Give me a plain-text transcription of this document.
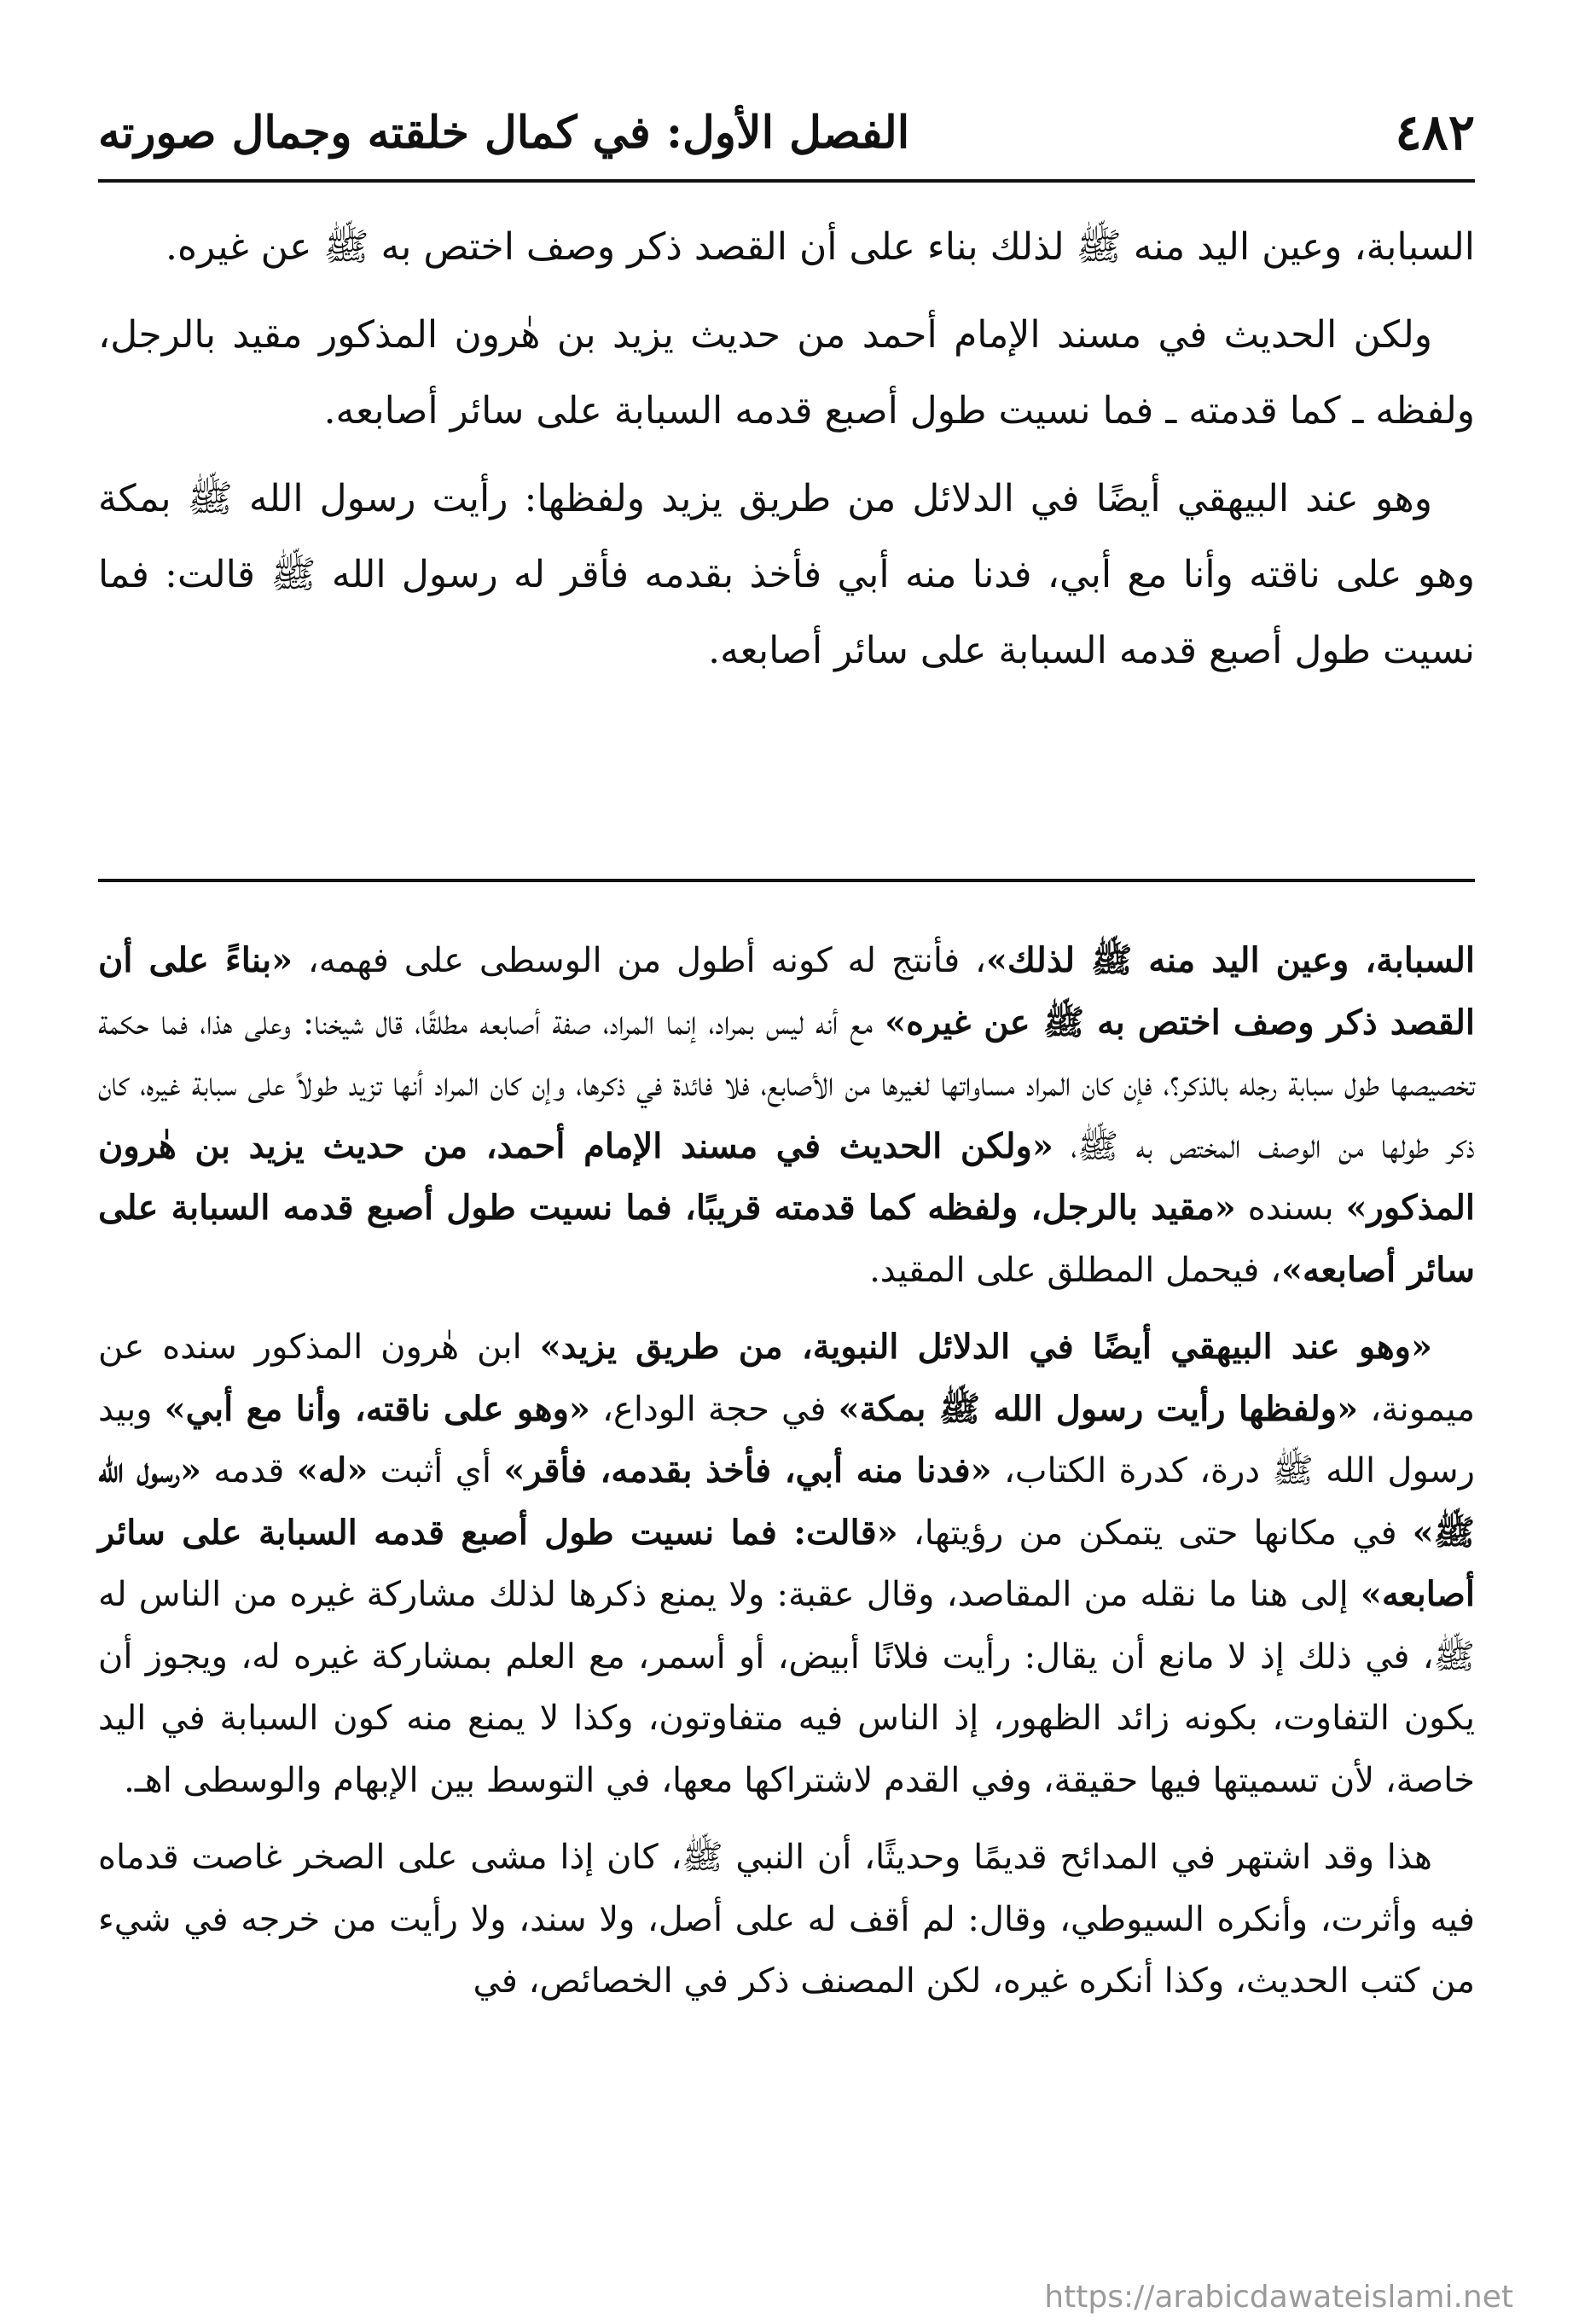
٤٨٢
الفصل الأول: في كمال خلقته وجمال صورته

السبابة، وعين اليد منه ﷺ لذلك بناء على أن القصد ذكر وصف اختص به ﷺ عن غيره.

ولكن الحديث في مسند الإمام أحمد من حديث يزيد بن هٰرون المذكور مقيد بالرجل، ولفظه ـ كما قدمته ـ فما نسيت طول أصبع قدمه السبابة على سائر أصابعه.

وهو عند البيهقي أيضًا في الدلائل من طريق يزيد ولفظها: رأيت رسول الله ﷺ بمكة وهو على ناقته وأنا مع أبي، فدنا منه أبي فأخذ بقدمه فأقر له رسول الله ﷺ قالت: فما نسيت طول أصبع قدمه السبابة على سائر أصابعه.

السبابة، وعين اليد منه ﷺ لذلك»، فأنتج له كونه أطول من الوسطى على فهمه، «بناءً على أن القصد ذكر وصف اختص به ﷺ عن غيره» مع أنه ليس بمراد، إنما المراد، صفة أصابعه مطلقًا، قال شيخنا: وعلى هذا، فما حكمة تخصيصها طول سبابة رجله بالذكر؟، فإن كان المراد مساواتها لغيرها من الأصابع، فلا فائدة في ذكرها، وإن كان المراد أنها تزيد طولاً على سبابة غيره، كان ذكر طولها من الوصف المختص به ﷺ، «ولكن الحديث في مسند الإمام أحمد، من حديث يزيد بن هٰرون المذكور» بسنده «مقيد بالرجل، ولفظه كما قدمته قريبًا، فما نسيت طول أصبع قدمه السبابة على سائر أصابعه»، فيحمل المطلق على المقيد.

«وهو عند البيهقي أيضًا في الدلائل النبوية، من طريق يزيد» ابن هٰرون المذكور سنده عن ميمونة، «ولفظها رأيت رسول الله ﷺ بمكة» في حجة الوداع، «وهو على ناقته، وأنا مع أبي» وبيد رسول الله ﷺ درة، كدرة الكتاب، «فدنا منه أبي، فأخذ بقدمه، فأقر» أي أثبت «له» قدمه «رسول الله ﷺ» في مكانها حتى يتمكن من رؤيتها، «قالت: فما نسيت طول أصبع قدمه السبابة على سائر أصابعه» إلى هنا ما نقله من المقاصد، وقال عقبة: ولا يمنع ذكرها لذلك مشاركة غيره من الناس له ﷺ، في ذلك إذ لا مانع أن يقال: رأيت فلانًا أبيض، أو أسمر، مع العلم بمشاركة غيره له، ويجوز أن يكون التفاوت، بكونه زائد الظهور، إذ الناس فيه متفاوتون، وكذا لا يمنع منه كون السبابة في اليد خاصة، لأن تسميتها فيها حقيقة، وفي القدم لاشتراكها معها، في التوسط بين الإبهام والوسطى اهـ.

هذا وقد اشتهر في المدائح قديمًا وحديثًا، أن النبي ﷺ، كان إذا مشى على الصخر غاصت قدماه فيه وأثرت، وأنكره السيوطي، وقال: لم أقف له على أصل، ولا سند، ولا رأيت من خرجه في شيء من كتب الحديث، وكذا أنكره غيره، لكن المصنف ذكر في الخصائص، في

https://arabicdawateislami.net
